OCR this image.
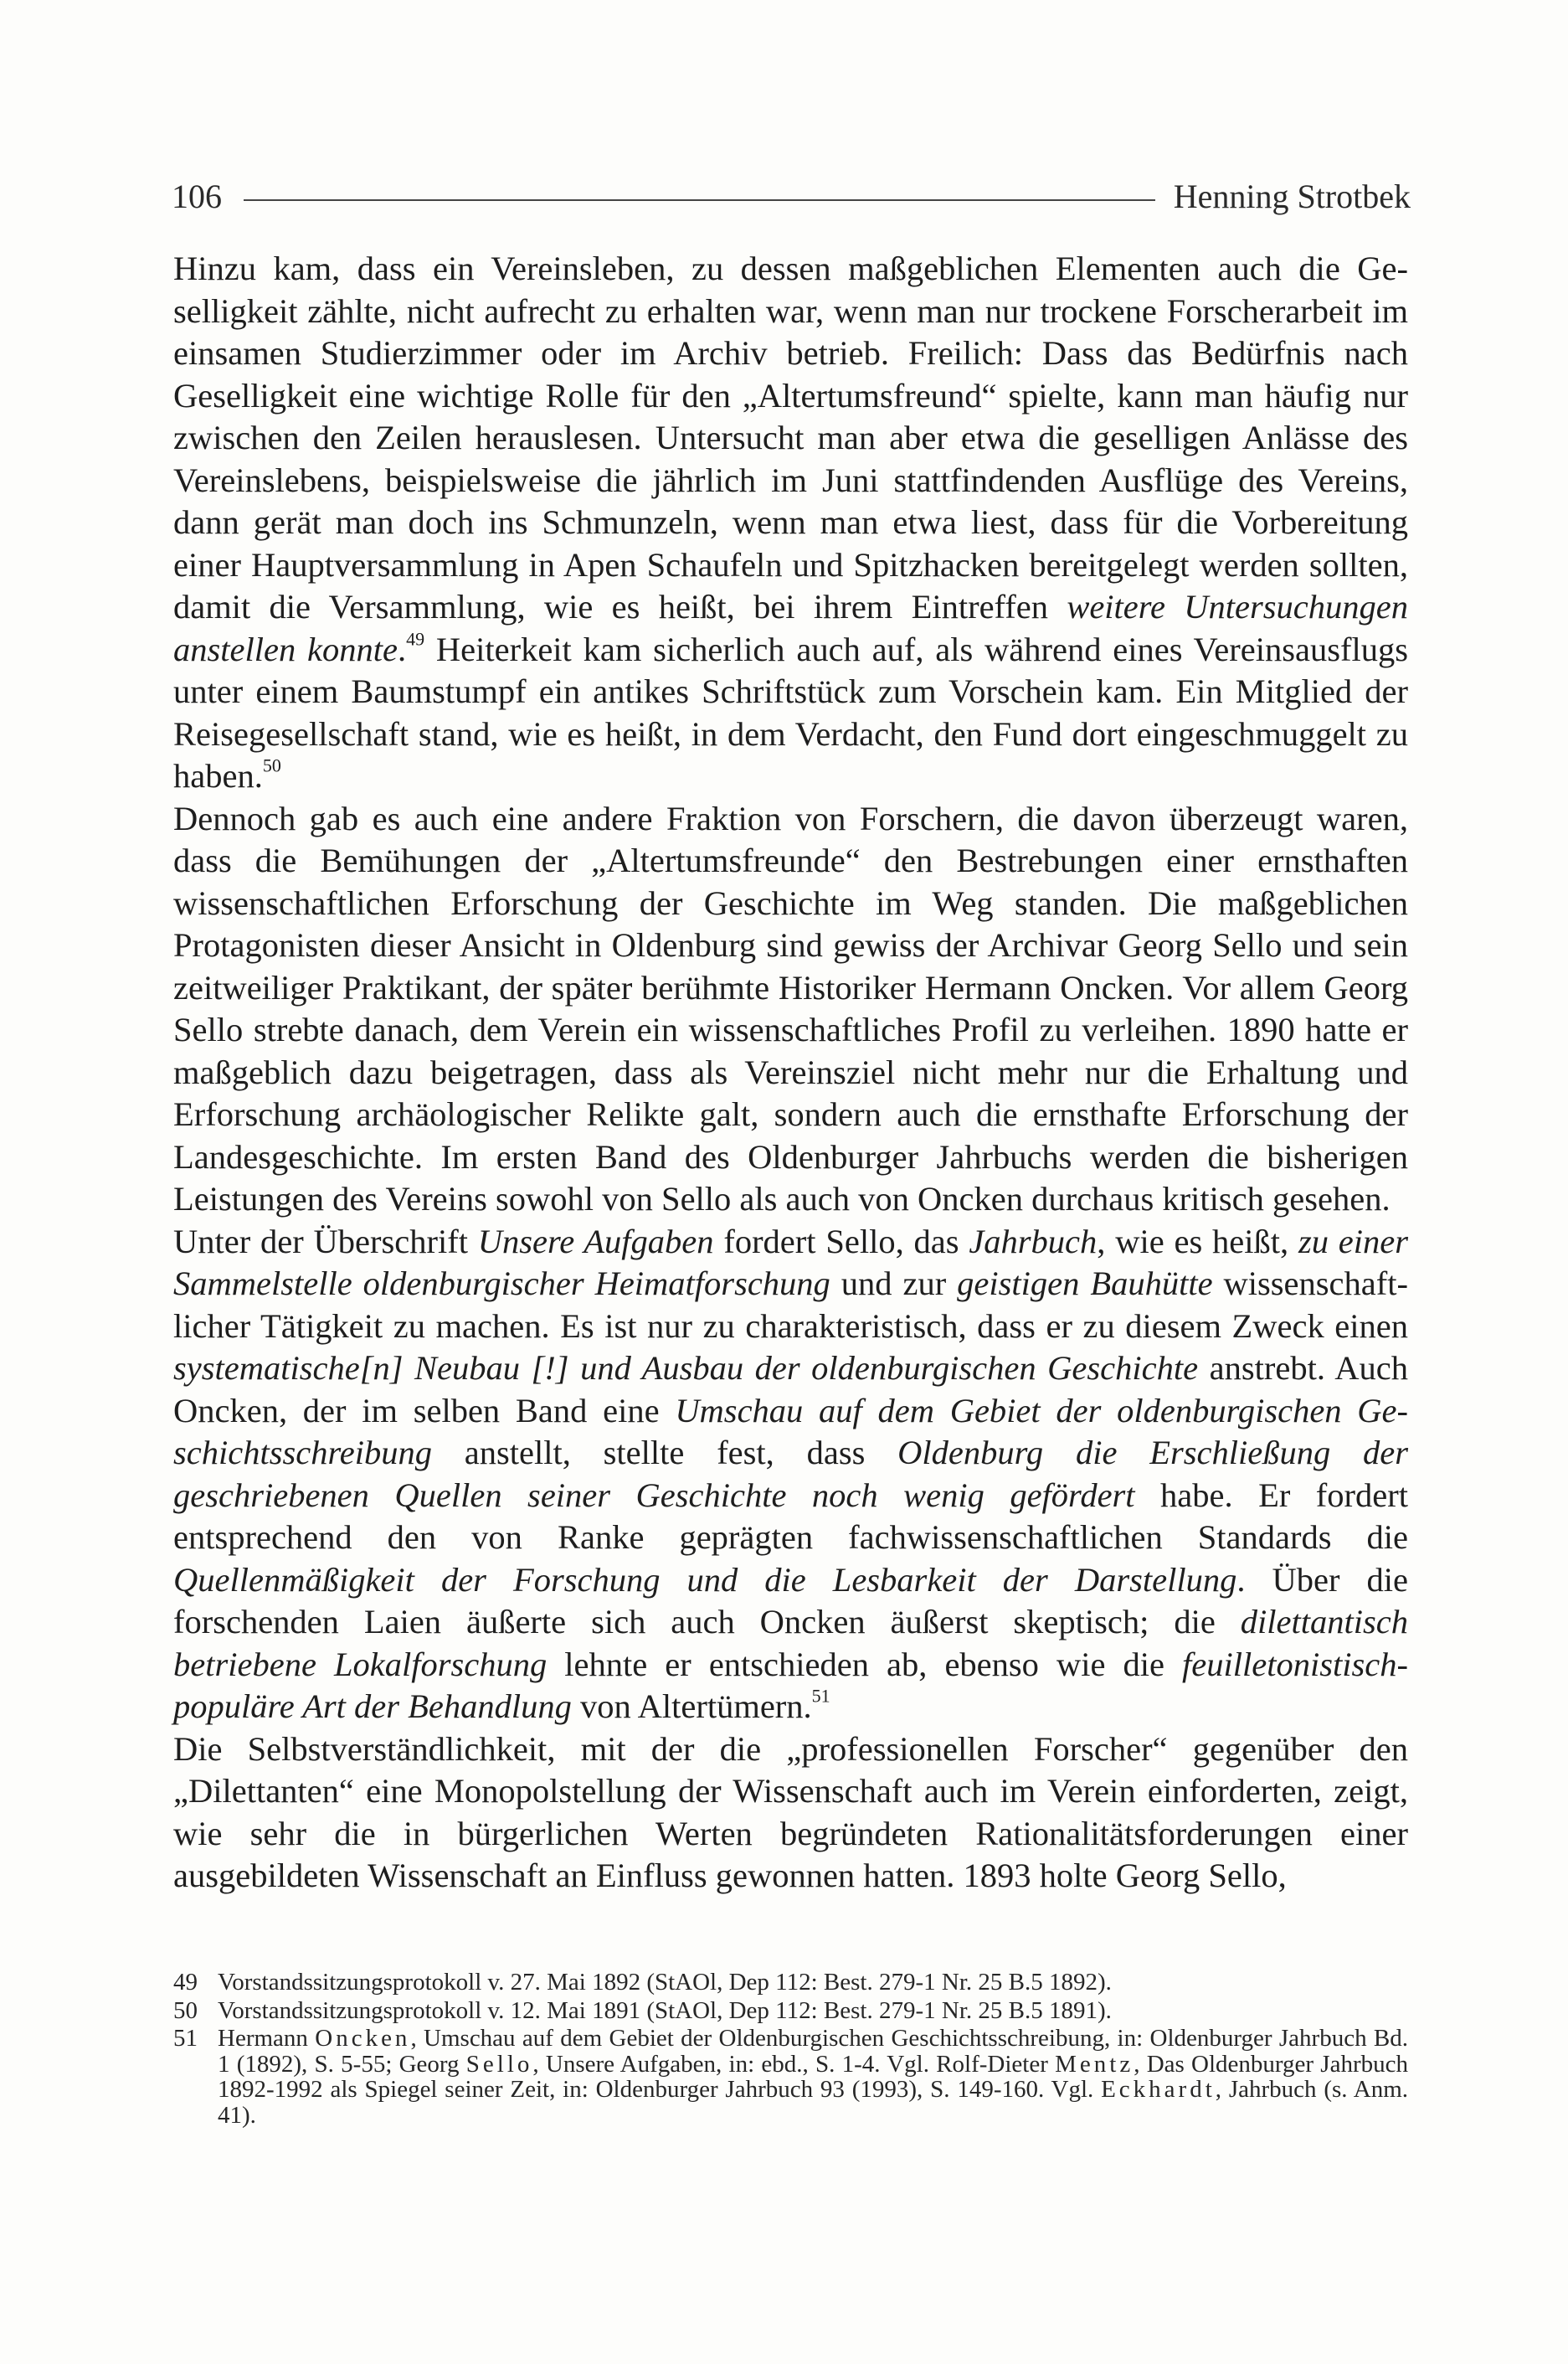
106	Henning Strotbek

Hinzu kam, dass ein Vereinsleben, zu dessen maßgeblichen Elementen auch die Geselligkeit zählte, nicht aufrecht zu erhalten war, wenn man nur trockene Forscherarbeit im einsamen Studierzimmer oder im Archiv betrieb. Freilich: Dass das Bedürfnis nach Geselligkeit eine wichtige Rolle für den „Altertumsfreund“ spielte, kann man häufig nur zwischen den Zeilen herauslesen. Untersucht man aber etwa die geselligen Anlässe des Vereinslebens, beispielsweise die jährlich im Juni stattfindenden Ausflüge des Vereins, dann gerät man doch ins Schmunzeln, wenn man etwa liest, dass für die Vorbereitung einer Hauptversammlung in Apen Schaufeln und Spitzhacken bereitgelegt werden sollten, damit die Versammlung, wie es heißt, bei ihrem Eintreffen weitere Untersuchungen anstellen konnte.$^{49}$ Heiterkeit kam sicherlich auch auf, als während eines Vereinsausflugs unter einem Baumstumpf ein antikes Schriftstück zum Vorschein kam. Ein Mitglied der Reisegesellschaft stand, wie es heißt, in dem Verdacht, den Fund dort eingeschmuggelt zu haben.$^{50}$

Dennoch gab es auch eine andere Fraktion von Forschern, die davon überzeugt waren, dass die Bemühungen der „Altertumsfreunde“ den Bestrebungen einer ernsthaften wissenschaftlichen Erforschung der Geschichte im Weg standen. Die maßgeblichen Protagonisten dieser Ansicht in Oldenburg sind gewiss der Archivar Georg Sello und sein zeitweiliger Praktikant, der später berühmte Historiker Hermann Oncken. Vor allem Georg Sello strebte danach, dem Verein ein wissenschaftliches Profil zu verleihen. 1890 hatte er maßgeblich dazu beigetragen, dass als Vereinsziel nicht mehr nur die Erhaltung und Erforschung archäologischer Relikte galt, sondern auch die ernsthafte Erforschung der Landesgeschichte. Im ersten Band des Oldenburger Jahrbuchs werden die bisherigen Leistungen des Vereins sowohl von Sello als auch von Oncken durchaus kritisch gesehen.

Unter der Überschrift Unsere Aufgaben fordert Sello, das Jahrbuch, wie es heißt, zu einer Sammelstelle oldenburgischer Heimatforschung und zur geistigen Bauhütte wissenschaftlicher Tätigkeit zu machen. Es ist nur zu charakteristisch, dass er zu diesem Zweck einen systematische[n] Neubau [!] und Ausbau der oldenburgischen Geschichte anstrebt. Auch Oncken, der im selben Band eine Umschau auf dem Gebiet der oldenburgischen Geschichtsschreibung anstellt, stellte fest, dass Oldenburg die Erschließung der geschriebenen Quellen seiner Geschichte noch wenig gefördert habe. Er fordert entsprechend den von Ranke geprägten fachwissenschaftlichen Standards die Quellenmäßigkeit der Forschung und die Lesbarkeit der Darstellung. Über die forschenden Laien äußerte sich auch Oncken äußerst skeptisch; die dilettantisch betriebene Lokalforschung lehnte er entschieden ab, ebenso wie die feuilletonistisch-populäre Art der Behandlung von Altertümern.$^{51}$

Die Selbstverständlichkeit, mit der die „professionellen Forscher“ gegenüber den „Dilettanten“ eine Monopolstellung der Wissenschaft auch im Verein einforderten, zeigt, wie sehr die in bürgerlichen Werten begründeten Rationalitätsforderungen einer ausgebildeten Wissenschaft an Einfluss gewonnen hatten. 1893 holte Georg Sello,

49 Vorstandssitzungsprotokoll v. 27. Mai 1892 (StAOl, Dep 112: Best. 279-1 Nr. 25 B.5 1892).
50 Vorstandssitzungsprotokoll v. 12. Mai 1891 (StAOl, Dep 112: Best. 279-1 Nr. 25 B.5 1891).
51 Hermann Oncken, Umschau auf dem Gebiet der Oldenburgischen Geschichtsschreibung, in: Oldenburger Jahrbuch Bd. 1 (1892), S. 5-55; Georg Sello, Unsere Aufgaben, in: ebd., S. 1-4. Vgl. Rolf-Dieter Mentz, Das Oldenburger Jahrbuch 1892-1992 als Spiegel seiner Zeit, in: Oldenburger Jahrbuch 93 (1993), S. 149-160. Vgl. Eckhardt, Jahrbuch (s. Anm. 41).
